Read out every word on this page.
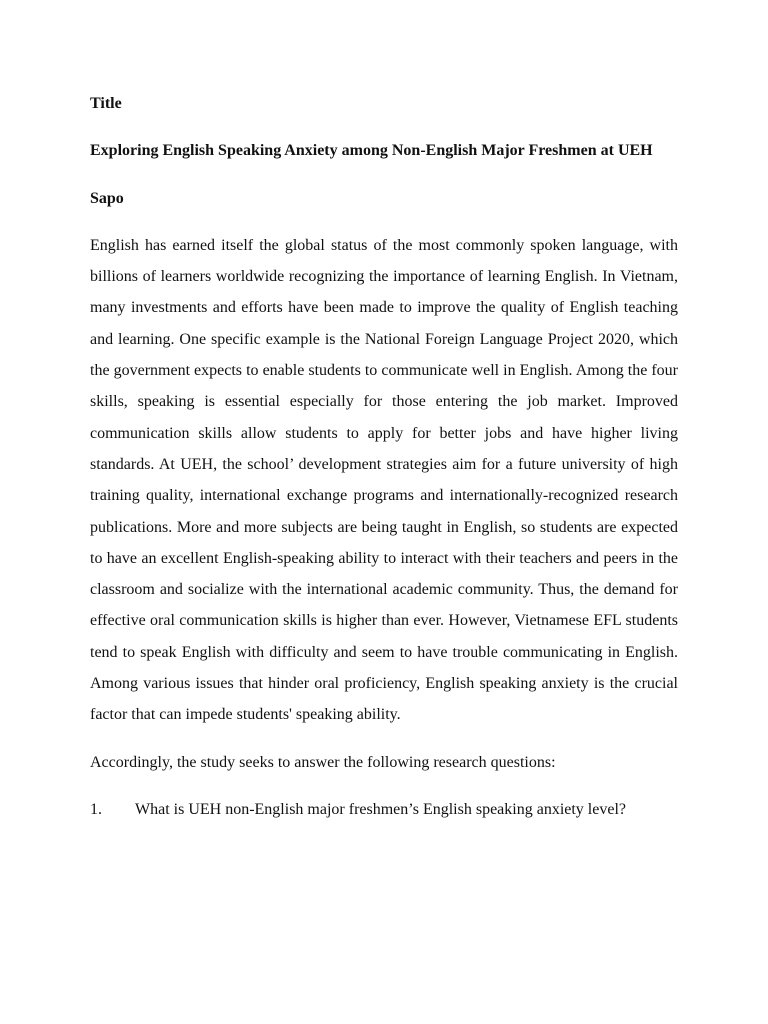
Title

Exploring English Speaking Anxiety among Non-English Major Freshmen at UEH

Sapo

English has earned itself the global status of the most commonly spoken language, with billions of learners worldwide recognizing the importance of learning English. In Vietnam, many investments and efforts have been made to improve the quality of English teaching and learning. One specific example is the National Foreign Language Project 2020, which the government expects to enable students to communicate well in English. Among the four skills, speaking is essential especially for those entering the job market. Improved communication skills allow students to apply for better jobs and have higher living standards. At UEH, the school’ development strategies aim for a future university of high training quality, international exchange programs and internationally-recognized research publications. More and more subjects are being taught in English, so students are expected to have an excellent English-speaking ability to interact with their teachers and peers in the classroom and socialize with the international academic community. Thus, the demand for effective oral communication skills is higher than ever. However, Vietnamese EFL students tend to speak English with difficulty and seem to have trouble communicating in English. Among various issues that hinder oral proficiency, English speaking anxiety is the crucial factor that can impede students' speaking ability.

Accordingly, the study seeks to answer the following research questions:

1.	What is UEH non-English major freshmen’s English speaking anxiety level?
